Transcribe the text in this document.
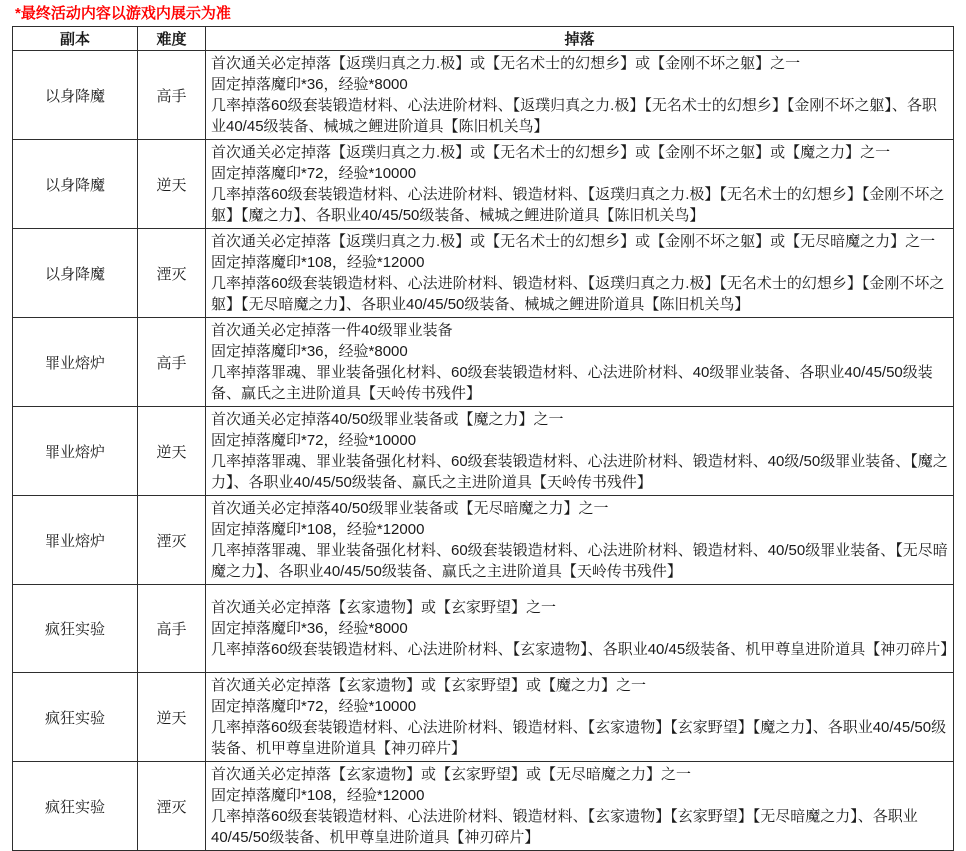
*最终活动内容以游戏内展示为准
副本	难度	掉落
以身降魔	高手	首次通关必定掉落【返璞归真之力.极】或【无名术士的幻想乡】或【金刚不坏之躯】之一
固定掉落魔印*36，经验*8000
几率掉落60级套装锻造材料、心法进阶材料、【返璞归真之力.极】【无名术士的幻想乡】【金刚不坏之躯】、各职业40/45级装备、械城之鲤进阶道具【陈旧机关鸟】

以身降魔	逆天	首次通关必定掉落【返璞归真之力.极】或【无名术士的幻想乡】或【金刚不坏之躯】或【魔之力】之一
固定掉落魔印*72，经验*10000
几率掉落60级套装锻造材料、心法进阶材料、锻造材料、【返璞归真之力.极】【无名术士的幻想乡】【金刚不坏之躯】【魔之力】、各职业40/45/50级装备、械城之鲤进阶道具【陈旧机关鸟】

以身降魔	湮灭	首次通关必定掉落【返璞归真之力.极】或【无名术士的幻想乡】或【金刚不坏之躯】或【无尽暗魔之力】之一
固定掉落魔印*108，经验*12000
几率掉落60级套装锻造材料、心法进阶材料、锻造材料、【返璞归真之力.极】【无名术士的幻想乡】【金刚不坏之躯】【无尽暗魔之力】、各职业40/45/50级装备、械城之鲤进阶道具【陈旧机关鸟】

罪业熔炉	高手	首次通关必定掉落一件40级罪业装备
固定掉落魔印*36，经验*8000
几率掉落罪魂、罪业装备强化材料、60级套装锻造材料、心法进阶材料、40级罪业装备、各职业40/45/50级装备、赢氏之主进阶道具【天岭传书残件】

罪业熔炉	逆天	首次通关必定掉落40/50级罪业装备或【魔之力】之一
固定掉落魔印*72，经验*10000
几率掉落罪魂、罪业装备强化材料、60级套装锻造材料、心法进阶材料、锻造材料、40级/50级罪业装备、【魔之力】、各职业40/45/50级装备、赢氏之主进阶道具【天岭传书残件】

罪业熔炉	湮灭	首次通关必定掉落40/50级罪业装备或【无尽暗魔之力】之一
固定掉落魔印*108，经验*12000
几率掉落罪魂、罪业装备强化材料、60级套装锻造材料、心法进阶材料、锻造材料、40/50级罪业装备、【无尽暗魔之力】、各职业40/45/50级装备、赢氏之主进阶道具【天岭传书残件】

疯狂实验	高手	首次通关必定掉落【玄家遗物】或【玄家野望】之一
固定掉落魔印*36，经验*8000
几率掉落60级套装锻造材料、心法进阶材料、【玄家遗物】、各职业40/45级装备、机甲尊皇进阶道具【神刃碎片】

疯狂实验	逆天	首次通关必定掉落【玄家遗物】或【玄家野望】或【魔之力】之一
固定掉落魔印*72，经验*10000
几率掉落60级套装锻造材料、心法进阶材料、锻造材料、【玄家遗物】【玄家野望】【魔之力】、各职业40/45/50级装备、机甲尊皇进阶道具【神刃碎片】

疯狂实验	湮灭	首次通关必定掉落【玄家遗物】或【玄家野望】或【无尽暗魔之力】之一
固定掉落魔印*108，经验*12000
几率掉落60级套装锻造材料、心法进阶材料、锻造材料、【玄家遗物】【玄家野望】【无尽暗魔之力】、各职业40/45/50级装备、机甲尊皇进阶道具【神刃碎片】
